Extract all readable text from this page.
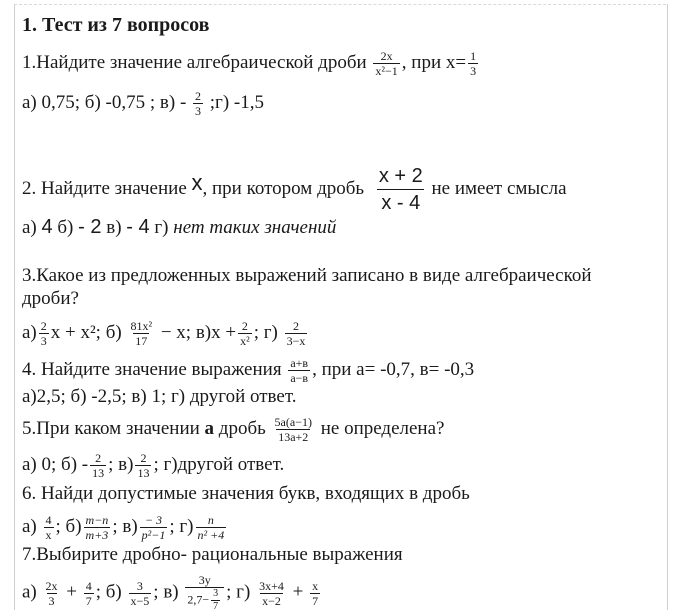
1. Тест из 7 вопросов
1.Найдите значение алгебраической дроби $\frac{2x}{\text{x²−1}}$ , при $x= \frac{1}{3}$
а) 0,75; б) -0,75 ; $в) - \frac{2}{3}$ ;г) -1,5
2. Найдите значение x, при котором дробь $\frac{x + 2}{x - 4}$ не имеет смысла
а) 4 б) - 2 в) - 4 г) нет таких значений
3.Какое из предложенных выражений записано в виде алгебраической
дроби?
$а) \frac{2}{3}$ x + x²; $б) \frac{\text{81x²}}{17} - x$; $в)x + \frac{2}{\text{x²}}$ ; $г) \frac{2}{3-x}$
4. Найдите значение выражения $\frac{a+в}{a-в}$ , при a= -0,7, в= -0,3
а)2,5; б) -2,5; в) 1; г) другой ответ.
5.При каком значении а дробь $\frac{5a(a-1)}{13a+2}$ не определена?
а) 0; $б) - \frac{2}{13}$ ; $в) \frac{2}{13}$ ; г)другой ответ.
6. Найди допустимые значения букв, входящих в дробь
$а) \frac{4}{x}$ ; $б) \frac{m-n}{m+3}$ ; $в) \frac{- 3}{\text{p²−1}}$ ; $г) \frac{n}{\text{n² +4}}$
7.Выбирите дробно- рациональные выражения
$а) \frac{2x}{3} + \frac{4}{7}$ ; $б) \frac{3}{x-5}$ ; $в) \frac{3y}{2,7- \frac{3}{7}}$ ; $г) \frac{3x+4}{x-2} + \frac{x}{7}$
